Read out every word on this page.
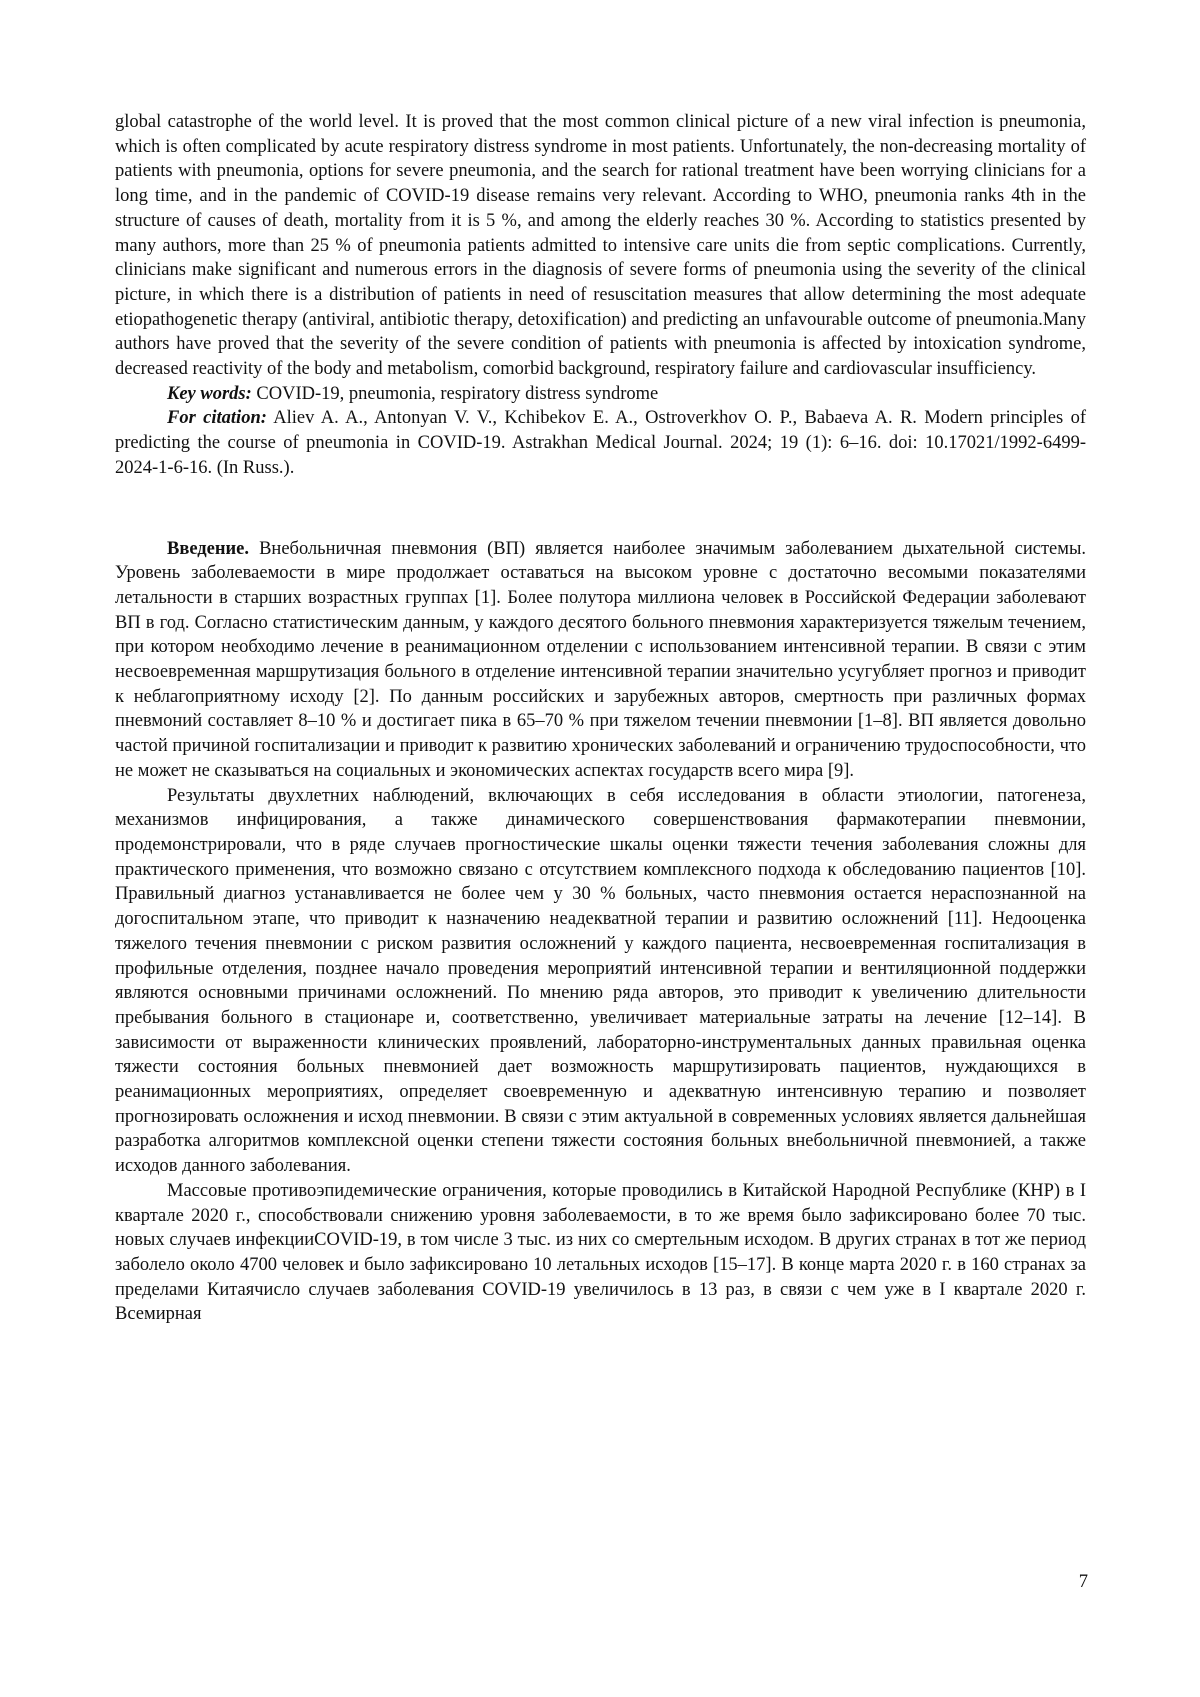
global catastrophe of the world level. It is proved that the most common clinical picture of a new viral infection is pneumonia, which is often complicated by acute respiratory distress syndrome in most patients. Unfortunately, the non-decreasing mortality of patients with pneumonia, options for severe pneumonia, and the search for rational treatment have been worrying clinicians for a long time, and in the pandemic of COVID-19 disease remains very relevant. According to WHO, pneumonia ranks 4th in the structure of causes of death, mortality from it is 5 %, and among the elderly reaches 30 %. According to statistics presented by many authors, more than 25 % of pneumonia patients admitted to intensive care units die from septic complications. Currently, clinicians make significant and numerous errors in the diagnosis of severe forms of pneumonia using the severity of the clinical picture, in which there is a distribution of patients in need of resuscitation measures that allow determining the most adequate etiopathogenetic therapy (antiviral, antibiotic therapy, detoxification) and predicting an unfavourable outcome of pneumonia.Many authors have proved that the severity of the severe condition of patients with pneumonia is affected by intoxication syndrome, decreased reactivity of the body and metabolism, comorbid background, respiratory failure and cardiovascular insufficiency.

Key words: COVID-19, pneumonia, respiratory distress syndrome

For citation: Aliev A. A., Antonyan V. V., Kchibekov E. A., Ostroverkhov O. P., Babaeva A. R. Modern principles of predicting the course of pneumonia in COVID-19. Astrakhan Medical Journal. 2024; 19 (1): 6–16. doi: 10.17021/1992-6499-2024-1-6-16. (In Russ.).

Введение. Внебольничная пневмония (ВП) является наиболее значимым заболеванием дыхательной системы. Уровень заболеваемости в мире продолжает оставаться на высоком уровне с достаточно весомыми показателями летальности в старших возрастных группах [1]. Более полутора миллиона человек в Российской Федерации заболевают ВП в год. Согласно статистическим данным, у каждого десятого больного пневмония характеризуется тяжелым течением, при котором необходимо лечение в реанимационном отделении с использованием интенсивной терапии. В связи с этим несвоевременная маршрутизация больного в отделение интенсивной терапии значительно усугубляет прогноз и приводит к неблагоприятному исходу [2]. По данным российских и зарубежных авторов, смертность при различных формах пневмоний составляет 8–10 % и достигает пика в 65–70 % при тяжелом течении пневмонии [1–8]. ВП является довольно частой причиной госпитализации и приводит к развитию хронических заболеваний и ограничению трудоспособности, что не может не сказываться на социальных и экономических аспектах государств всего мира [9].

Результаты двухлетних наблюдений, включающих в себя исследования в области этиологии, патогенеза, механизмов инфицирования, а также динамического совершенствования фармакотерапии пневмонии, продемонстрировали, что в ряде случаев прогностические шкалы оценки тяжести течения заболевания сложны для практического применения, что возможно связано с отсутствием комплексного подхода к обследованию пациентов [10]. Правильный диагноз устанавливается не более чем у 30 % больных, часто пневмония остается нераспознанной на догоспитальном этапе, что приводит к назначению неадекватной терапии и развитию осложнений [11]. Недооценка тяжелого течения пневмонии с риском развития осложнений у каждого пациента, несвоевременная госпитализация в профильные отделения, позднее начало проведения мероприятий интенсивной терапии и вентиляционной поддержки являются основными причинами осложнений. По мнению ряда авторов, это приводит к увеличению длительности пребывания больного в стационаре и, соответственно, увеличивает материальные затраты на лечение [12–14]. В зависимости от выраженности клинических проявлений, лабораторно-инструментальных данных правильная оценка тяжести состояния больных пневмонией дает возможность маршрутизировать пациентов, нуждающихся в реанимационных мероприятиях, определяет своевременную и адекватную интенсивную терапию и позволяет прогнозировать осложнения и исход пневмонии. В связи с этим актуальной в современных условиях является дальнейшая разработка алгоритмов комплексной оценки степени тяжести состояния больных внебольничной пневмонией, а также исходов данного заболевания.

Массовые противоэпидемические ограничения, которые проводились в Китайской Народной Республике (КНР) в I квартале 2020 г., способствовали снижению уровня заболеваемости, в то же время было зафиксировано более 70 тыс. новых случаев инфекцииCOVID-19, в том числе 3 тыс. из них со смертельным исходом. В других странах в тот же период заболело около 4700 человек и было зафиксировано 10 летальных исходов [15–17]. В конце марта 2020 г. в 160 странах за пределами Китаячисло случаев заболевания COVID-19 увеличилось в 13 раз, в связи с чем уже в I квартале 2020 г. Всемирная

7
